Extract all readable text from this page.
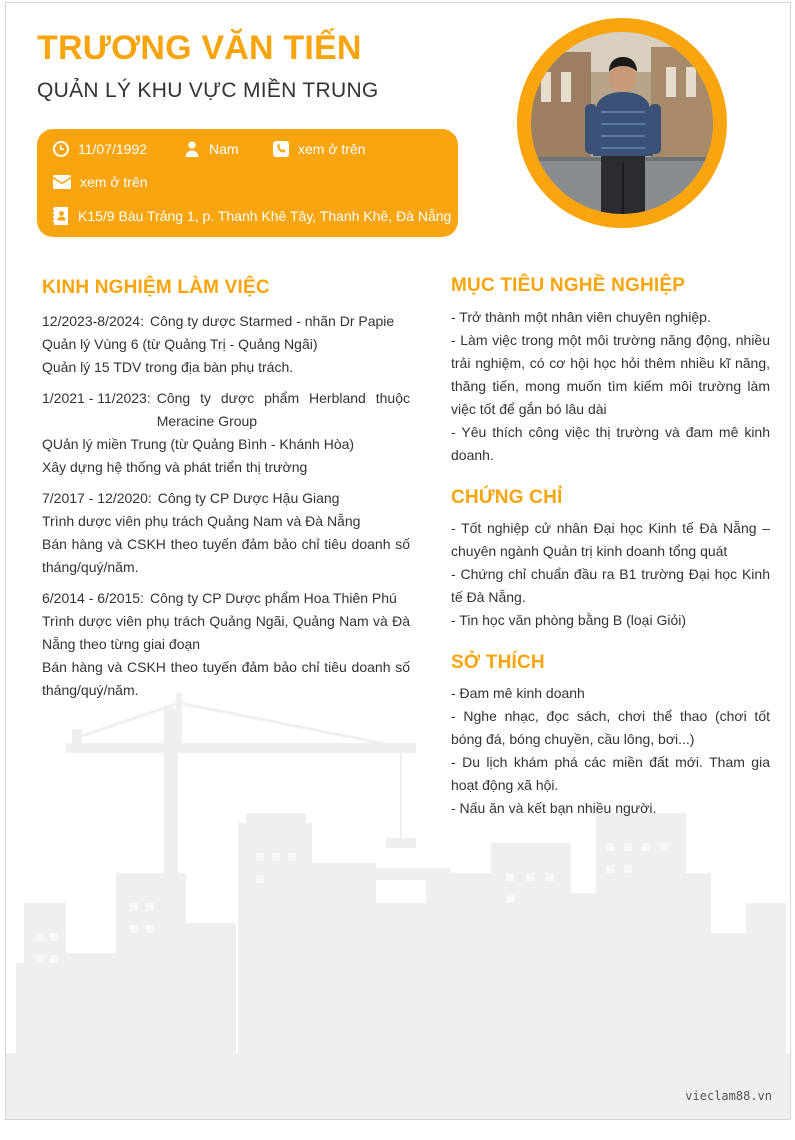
TRƯƠNG VĂN TIẾN
QUẢN LÝ KHU VỰC MIỀN TRUNG
11/07/1992	Nam	xem ở trên
xem ở trên
K15/9 Bàu Trảng 1, p. Thanh Khê Tây, Thanh Khê, Đà Nẵng
KINH NGHIỆM LÀM VIỆC
12/2023-8/2024: Công ty dược Starmed - nhãn Dr Papie
Quản lý Vùng 6 (từ Quảng Trị - Quảng Ngãi)
Quản lý 15 TDV trong địa bàn phụ trách.
1/2021 - 11/2023: Công ty dược phẩm Herbland thuộc Meracine Group
QUản lý miền Trung (từ Quảng Bình - Khánh Hòa)
Xây dựng hệ thống và phát triển thị trường
7/2017 - 12/2020: Công ty CP Dược Hậu Giang
Trình dược viên phụ trách Quảng Nam và Đà Nẵng
Bán hàng và CSKH theo tuyến đảm bảo chỉ tiêu doanh số tháng/quý/năm.
6/2014 - 6/2015: Công ty CP Dược phẩm Hoa Thiên Phú
Trình dược viên phụ trách Quảng Ngãi, Quảng Nam và Đà Nẵng theo từng giai đoạn
Bán hàng và CSKH theo tuyến đảm bảo chỉ tiêu doanh số tháng/quý/năm.
MỤC TIÊU NGHỀ NGHIỆP
- Trở thành một nhân viên chuyên nghiệp.
- Làm việc trong một môi trường năng động, nhiều trải nghiệm, có cơ hội học hỏi thêm nhiều kĩ năng, thăng tiến, mong muốn tìm kiếm môi trường làm việc tốt để gắn bó lâu dài
- Yêu thích công việc thị trường và đam mê kinh doanh.
CHỨNG CHỈ
- Tốt nghiệp cử nhân Đại học Kinh tế Đà Nẵng – chuyên ngành Quản trị kinh doanh tổng quát
- Chứng chỉ chuẩn đầu ra B1 trường Đại học Kinh tế Đà Nẵng.
- Tin học văn phòng bằng B (loại Giỏi)
SỞ THÍCH
- Đam mê kinh doanh
- Nghe nhạc, đọc sách, chơi thể thao (chơi tốt bóng đá, bóng chuyền, cầu lông, bơi...)
- Du lịch khám phá các miền đất mới. Tham gia hoạt động xã hội.
- Nấu ăn và kết bạn nhiều người.
vieclam88.vn
